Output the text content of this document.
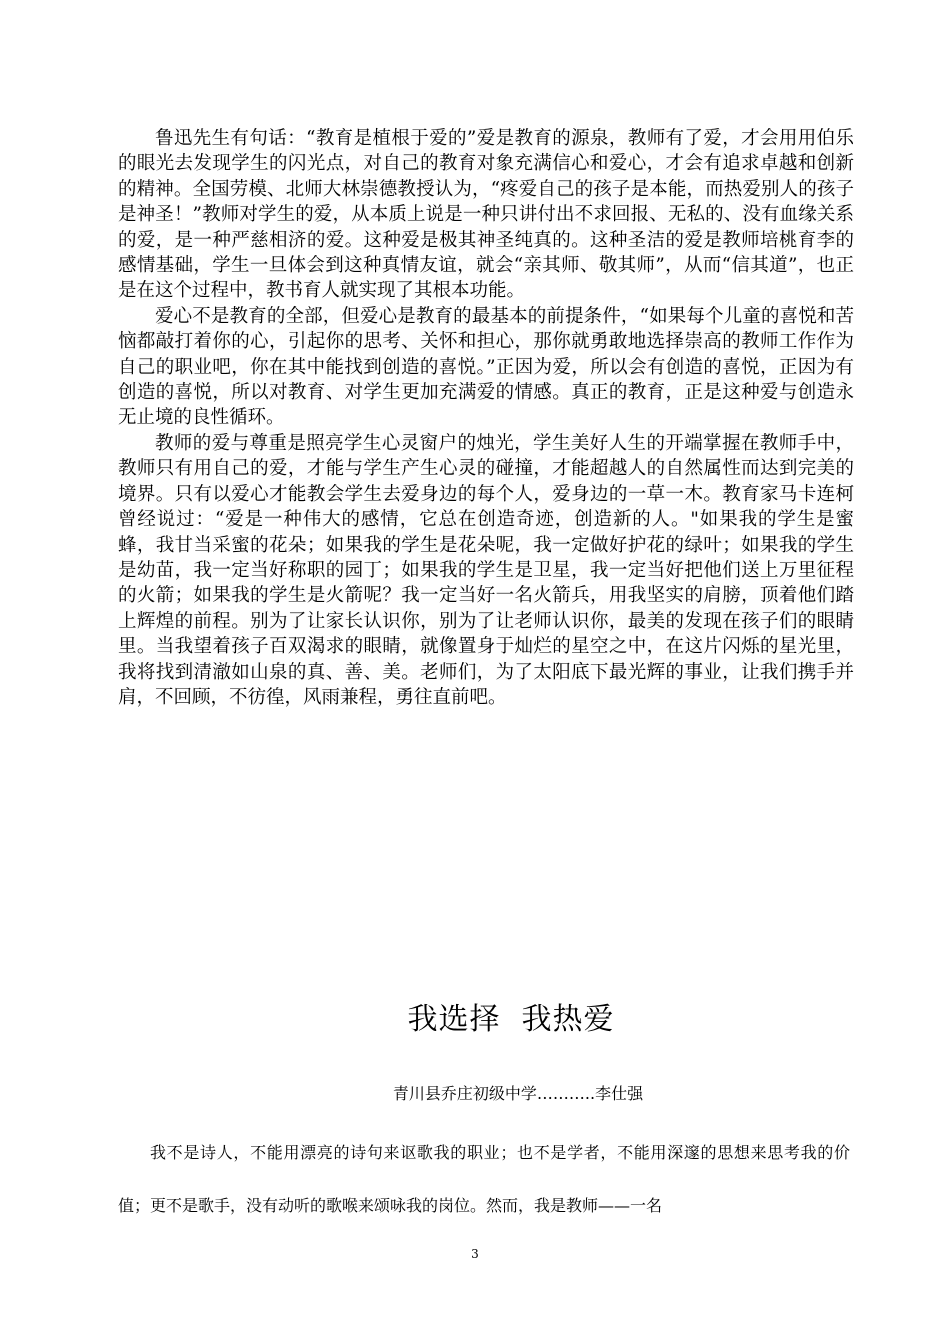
鲁迅先生有句话：“教育是植根于爱的”爱是教育的源泉，教师有了爱，才会用用伯乐的眼光去发现学生的闪光点，对自己的教育对象充满信心和爱心，才会有追求卓越和创新的精神。全国劳模、北师大林崇德教授认为，“疼爱自己的孩子是本能，而热爱别人的孩子是神圣！”教师对学生的爱，从本质上说是一种只讲付出不求回报、无私的、没有血缘关系的爱，是一种严慈相济的爱。这种爱是极其神圣纯真的。这种圣洁的爱是教师培桃育李的感情基础，学生一旦体会到这种真情友谊，就会“亲其师、敬其师”，从而“信其道”，也正是在这个过程中，教书育人就实现了其根本功能。

爱心不是教育的全部，但爱心是教育的最基本的前提条件，“如果每个儿童的喜悦和苦恼都敲打着你的心，引起你的思考、关怀和担心，那你就勇敢地选择崇高的教师工作作为自己的职业吧，你在其中能找到创造的喜悦。”正因为爱，所以会有创造的喜悦，正因为有创造的喜悦，所以对教育、对学生更加充满爱的情感。真正的教育，正是这种爱与创造永无止境的良性循环。

教师的爱与尊重是照亮学生心灵窗户的烛光，学生美好人生的开端掌握在教师手中，教师只有用自己的爱，才能与学生产生心灵的碰撞，才能超越人的自然属性而达到完美的境界。只有以爱心才能教会学生去爱身边的每个人，爱身边的一草一木。教育家马卡连柯曾经说过：“爱是一种伟大的感情，它总在创造奇迹，创造新的人。"如果我的学生是蜜蜂，我甘当采蜜的花朵；如果我的学生是花朵呢，我一定做好护花的绿叶；如果我的学生是幼苗，我一定当好称职的园丁；如果我的学生是卫星，我一定当好把他们送上万里征程的火箭；如果我的学生是火箭呢？我一定当好一名火箭兵，用我坚实的肩膀，顶着他们踏上辉煌的前程。别为了让家长认识你，别为了让老师认识你，最美的发现在孩子们的眼睛里。当我望着孩子百双渴求的眼睛，就像置身于灿烂的星空之中，在这片闪烁的星光里，我将找到清澈如山泉的真、善、美。老师们，为了太阳底下最光辉的事业，让我们携手并肩，不回顾，不彷徨，风雨兼程，勇往直前吧。

我选择  我热爱
青川县乔庄初级中学………..李仕强

我不是诗人，不能用漂亮的诗句来讴歌我的职业；也不是学者，不能用深邃的思想来思考我的价值；更不是歌手，没有动听的歌喉来颂咏我的岗位。然而，我是教师——一名

3
